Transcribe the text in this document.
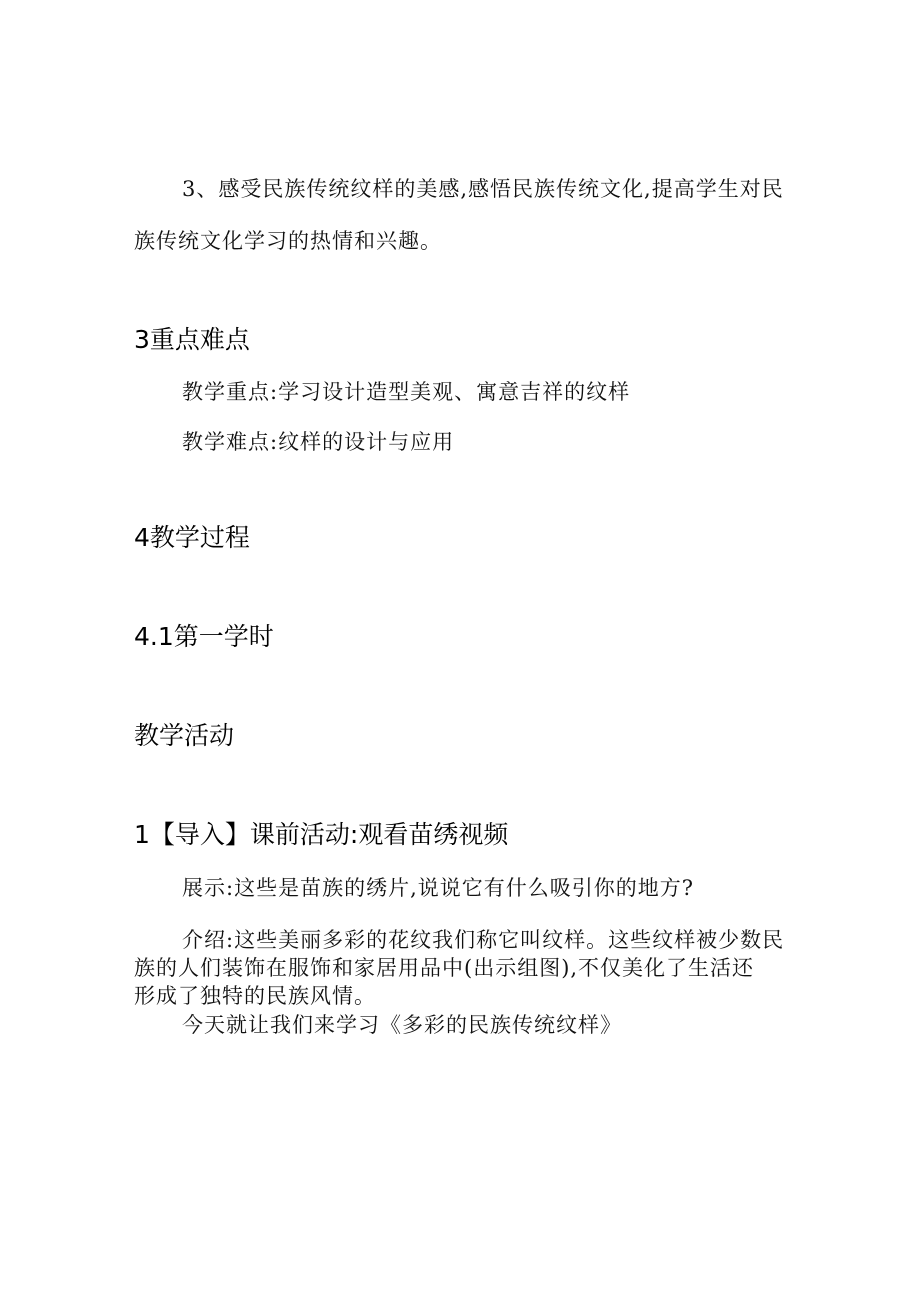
3、感受民族传统纹样的美感,感悟民族传统文化,提高学生对民

族传统文化学习的热情和兴趣。

3重点难点

教学重点:学习设计造型美观、寓意吉祥的纹样

教学难点:纹样的设计与应用

4教学过程
4.1第一学时
教学活动
1【导入】课前活动:观看苗绣视频

展示:这些是苗族的绣片,说说它有什么吸引你的地方?

介绍:这些美丽多彩的花纹我们称它叫纹样。这些纹样被少数民

族的人们装饰在服饰和家居用品中(出示组图),不仅美化了生活还

形成了独特的民族风情。

今天就让我们来学习《多彩的民族传统纹样》
